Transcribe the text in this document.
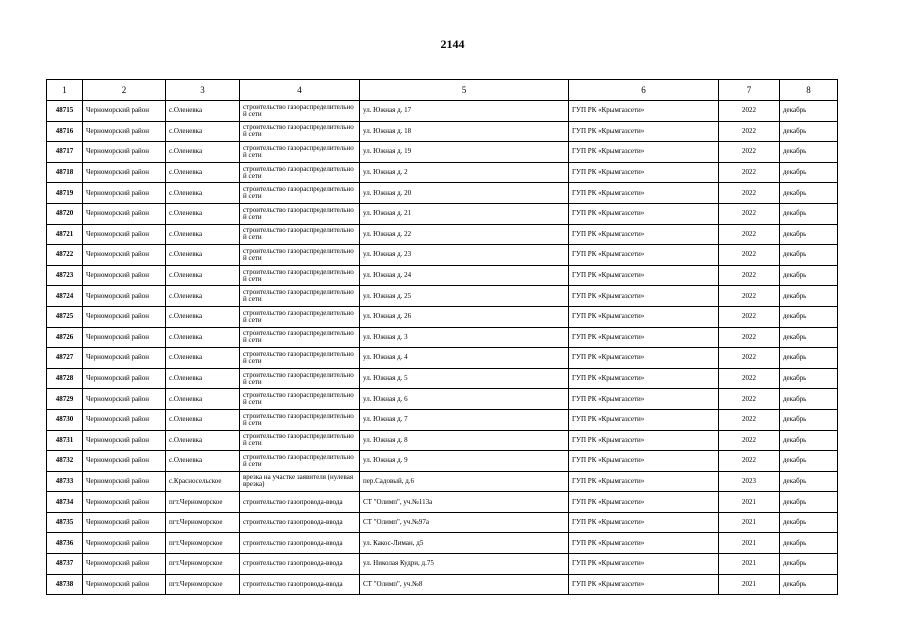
2144
1	2	3	4	5	6	7	8
48715	Черноморский район	с.Оленевка	строительство газораспределительной сети	ул. Южная д. 17	ГУП РК «Крымгазсети»	2022	декабрь
48716	Черноморский район	с.Оленевка	строительство газораспределительной сети	ул. Южная д. 18	ГУП РК «Крымгазсети»	2022	декабрь
48717	Черноморский район	с.Оленевка	строительство газораспределительной сети	ул. Южная д. 19	ГУП РК «Крымгазсети»	2022	декабрь
48718	Черноморский район	с.Оленевка	строительство газораспределительной сети	ул. Южная д. 2	ГУП РК «Крымгазсети»	2022	декабрь
48719	Черноморский район	с.Оленевка	строительство газораспределительной сети	ул. Южная д. 20	ГУП РК «Крымгазсети»	2022	декабрь
48720	Черноморский район	с.Оленевка	строительство газораспределительной сети	ул. Южная д. 21	ГУП РК «Крымгазсети»	2022	декабрь
48721	Черноморский район	с.Оленевка	строительство газораспределительной сети	ул. Южная д. 22	ГУП РК «Крымгазсети»	2022	декабрь
48722	Черноморский район	с.Оленевка	строительство газораспределительной сети	ул. Южная д. 23	ГУП РК «Крымгазсети»	2022	декабрь
48723	Черноморский район	с.Оленевка	строительство газораспределительной сети	ул. Южная д. 24	ГУП РК «Крымгазсети»	2022	декабрь
48724	Черноморский район	с.Оленевка	строительство газораспределительной сети	ул. Южная д. 25	ГУП РК «Крымгазсети»	2022	декабрь
48725	Черноморский район	с.Оленевка	строительство газораспределительной сети	ул. Южная д. 26	ГУП РК «Крымгазсети»	2022	декабрь
48726	Черноморский район	с.Оленевка	строительство газораспределительной сети	ул. Южная д. 3	ГУП РК «Крымгазсети»	2022	декабрь
48727	Черноморский район	с.Оленевка	строительство газораспределительной сети	ул. Южная д. 4	ГУП РК «Крымгазсети»	2022	декабрь
48728	Черноморский район	с.Оленевка	строительство газораспределительной сети	ул. Южная д. 5	ГУП РК «Крымгазсети»	2022	декабрь
48729	Черноморский район	с.Оленевка	строительство газораспределительной сети	ул. Южная д. 6	ГУП РК «Крымгазсети»	2022	декабрь
48730	Черноморский район	с.Оленевка	строительство газораспределительной сети	ул. Южная д. 7	ГУП РК «Крымгазсети»	2022	декабрь
48731	Черноморский район	с.Оленевка	строительство газораспределительной сети	ул. Южная д. 8	ГУП РК «Крымгазсети»	2022	декабрь
48732	Черноморский район	с.Оленевка	строительство газораспределительной сети	ул. Южная д. 9	ГУП РК «Крымгазсети»	2022	декабрь
48733	Черноморский район	с.Красносельское	врезка на участке заявителя (нулевая врезка)	пер.Садовый, д.6	ГУП РК «Крымгазсети»	2023	декабрь
48734	Черноморский район	пгт.Черноморское	строительство газопровода-ввода	СТ "Олимп", уч.№113а	ГУП РК «Крымгазсети»	2021	декабрь
48735	Черноморский район	пгт.Черноморское	строительство газопровода-ввода	СТ "Олимп", уч.№97а	ГУП РК «Крымгазсети»	2021	декабрь
48736	Черноморский район	пгт.Черноморское	строительство газопровода-ввода	ул. Какос-Лиман, д5	ГУП РК «Крымгазсети»	2021	декабрь
48737	Черноморский район	пгт.Черноморское	строительство газопровода-ввода	ул. Николая Кудри, д.75	ГУП РК «Крымгазсети»	2021	декабрь
48738	Черноморский район	пгт.Черноморское	строительство газопровода-ввода	СТ "Олимп", уч.№8	ГУП РК «Крымгазсети»	2021	декабрь
